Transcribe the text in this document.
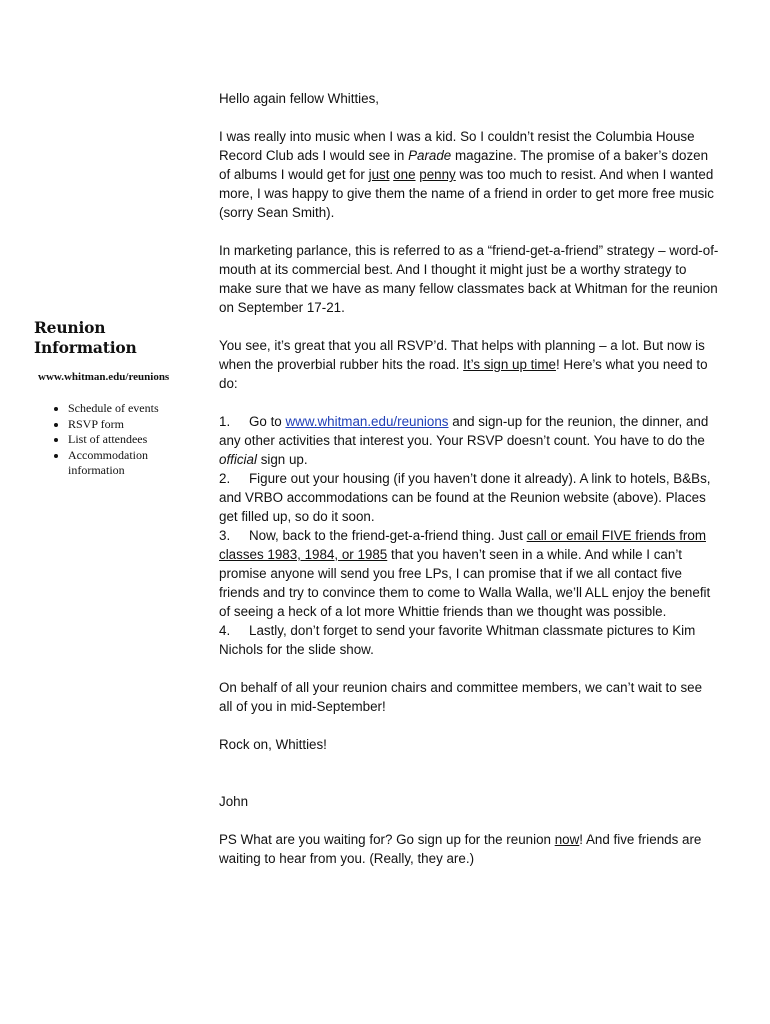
Reunion
Information
www.whitman.edu/reunions
• Schedule of events
• RSVP form
• List of attendees
• Accommodation information

Hello again fellow Whitties,

I was really into music when I was a kid. So I couldn’t resist the Columbia House Record Club ads I would see in Parade magazine. The promise of a baker’s dozen of albums I would get for just one penny was too much to resist. And when I wanted more, I was happy to give them the name of a friend in order to get more free music (sorry Sean Smith).

In marketing parlance, this is referred to as a “friend-get-a-friend” strategy – word-of-mouth at its commercial best. And I thought it might just be a worthy strategy to make sure that we have as many fellow classmates back at Whitman for the reunion on September 17-21.

You see, it’s great that you all RSVP’d. That helps with planning – a lot. But now is when the proverbial rubber hits the road. It’s sign up time! Here’s what you need to do:

1. Go to www.whitman.edu/reunions and sign-up for the reunion, the dinner, and any other activities that interest you. Your RSVP doesn’t count. You have to do the official sign up.
2. Figure out your housing (if you haven’t done it already). A link to hotels, B&Bs, and VRBO accommodations can be found at the Reunion website (above). Places get filled up, so do it soon.
3. Now, back to the friend-get-a-friend thing. Just call or email FIVE friends from classes 1983, 1984, or 1985 that you haven’t seen in a while. And while I can’t promise anyone will send you free LPs, I can promise that if we all contact five friends and try to convince them to come to Walla Walla, we’ll ALL enjoy the benefit of seeing a heck of a lot more Whittie friends than we thought was possible.
4. Lastly, don’t forget to send your favorite Whitman classmate pictures to Kim Nichols for the slide show.

On behalf of all your reunion chairs and committee members, we can’t wait to see all of you in mid-September!

Rock on, Whitties!

John

PS What are you waiting for? Go sign up for the reunion now! And five friends are waiting to hear from you. (Really, they are.)
